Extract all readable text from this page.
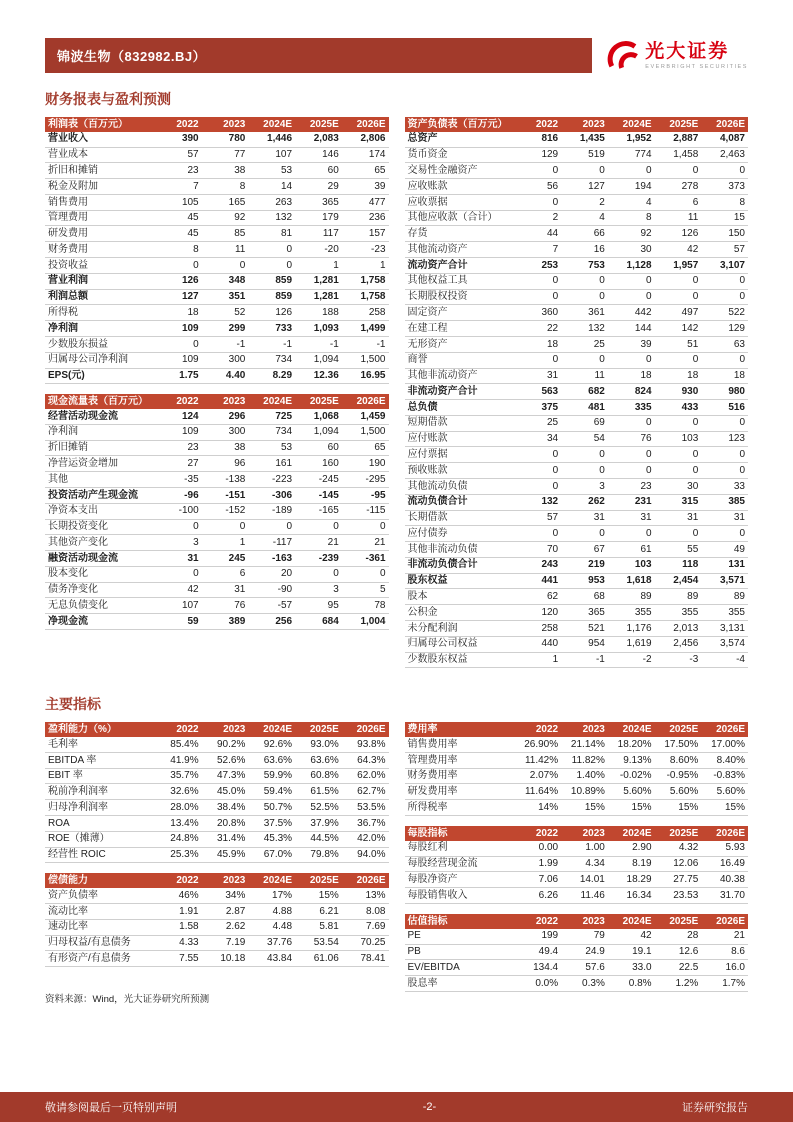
锦波生物（832982.BJ）	光大证券
EVERBRIGHT SECURITIES
财务报表与盈利预测
利润表（百万元）	2022	2023	2024E	2025E	2026E
营业收入	390	780	1,446	2,083	2,806
营业成本	57	77	107	146	174
折旧和摊销	23	38	53	60	65
税金及附加	7	8	14	29	39
销售费用	105	165	263	365	477
管理费用	45	92	132	179	236
研发费用	45	85	81	117	157
财务费用	8	11	0	-20	-23
投资收益	0	0	0	1	1
营业利润	126	348	859	1,281	1,758
利润总额	127	351	859	1,281	1,758
所得税	18	52	126	188	258
净利润	109	299	733	1,093	1,499
少数股东损益	0	-1	-1	-1	-1
归属母公司净利润	109	300	734	1,094	1,500
EPS(元)	1.75	4.40	8.29	12.36	16.95
现金流量表（百万元）	2022	2023	2024E	2025E	2026E
经营活动现金流	124	296	725	1,068	1,459
净利润	109	300	734	1,094	1,500
折旧摊销	23	38	53	60	65
净营运资金增加	27	96	161	160	190
其他	-35	-138	-223	-245	-295
投资活动产生现金流	-96	-151	-306	-145	-95
净资本支出	-100	-152	-189	-165	-115
长期投资变化	0	0	0	0	0
其他资产变化	3	1	-117	21	21
融资活动现金流	31	245	-163	-239	-361
股本变化	0	6	20	0	0
债务净变化	42	31	-90	3	5
无息负债变化	107	76	-57	95	78
净现金流	59	389	256	684	1,004
资产负债表（百万元）	2022	2023	2024E	2025E	2026E
总资产	816	1,435	1,952	2,887	4,087
货币资金	129	519	774	1,458	2,463
交易性金融资产	0	0	0	0	0
应收账款	56	127	194	278	373
应收票据	0	2	4	6	8
其他应收款（合计）	2	4	8	11	15
存货	44	66	92	126	150
其他流动资产	7	16	30	42	57
流动资产合计	253	753	1,128	1,957	3,107
其他权益工具	0	0	0	0	0
长期股权投资	0	0	0	0	0
固定资产	360	361	442	497	522
在建工程	22	132	144	142	129
无形资产	18	25	39	51	63
商誉	0	0	0	0	0
其他非流动资产	31	11	18	18	18
非流动资产合计	563	682	824	930	980
总负债	375	481	335	433	516
短期借款	25	69	0	0	0
应付账款	34	54	76	103	123
应付票据	0	0	0	0	0
预收账款	0	0	0	0	0
其他流动负债	0	3	23	30	33
流动负债合计	132	262	231	315	385
长期借款	57	31	31	31	31
应付债券	0	0	0	0	0
其他非流动负债	70	67	61	55	49
非流动负债合计	243	219	103	118	131
股东权益	441	953	1,618	2,454	3,571
股本	62	68	89	89	89
公积金	120	365	355	355	355
未分配利润	258	521	1,176	2,013	3,131
归属母公司权益	440	954	1,619	2,456	3,574
少数股东权益	1	-1	-2	-3	-4
主要指标
盈利能力（%）	2022	2023	2024E	2025E	2026E
毛利率	85.4%	90.2%	92.6%	93.0%	93.8%
EBITDA 率	41.9%	52.6%	63.6%	63.6%	64.3%
EBIT 率	35.7%	47.3%	59.9%	60.8%	62.0%
税前净利润率	32.6%	45.0%	59.4%	61.5%	62.7%
归母净利润率	28.0%	38.4%	50.7%	52.5%	53.5%
ROA	13.4%	20.8%	37.5%	37.9%	36.7%
ROE（摊薄）	24.8%	31.4%	45.3%	44.5%	42.0%
经营性 ROIC	25.3%	45.9%	67.0%	79.8%	94.0%
偿债能力	2022	2023	2024E	2025E	2026E
资产负债率	46%	34%	17%	15%	13%
流动比率	1.91	2.87	4.88	6.21	8.08
速动比率	1.58	2.62	4.48	5.81	7.69
归母权益/有息债务	4.33	7.19	37.76	53.54	70.25
有形资产/有息债务	7.55	10.18	43.84	61.06	78.41
资料来源：Wind，光大证券研究所预测
费用率	2022	2023	2024E	2025E	2026E
销售费用率	26.90%	21.14%	18.20%	17.50%	17.00%
管理费用率	11.42%	11.82%	9.13%	8.60%	8.40%
财务费用率	2.07%	1.40%	-0.02%	-0.95%	-0.83%
研发费用率	11.64%	10.89%	5.60%	5.60%	5.60%
所得税率	14%	15%	15%	15%	15%
每股指标	2022	2023	2024E	2025E	2026E
每股红利	0.00	1.00	2.90	4.32	5.93
每股经营现金流	1.99	4.34	8.19	12.06	16.49
每股净资产	7.06	14.01	18.29	27.75	40.38
每股销售收入	6.26	11.46	16.34	23.53	31.70
估值指标	2022	2023	2024E	2025E	2026E
PE	199	79	42	28	21
PB	49.4	24.9	19.1	12.6	8.6
EV/EBITDA	134.4	57.6	33.0	22.5	16.0
股息率	0.0%	0.3%	0.8%	1.2%	1.7%
敬请参阅最后一页特别声明	-2-	证券研究报告
